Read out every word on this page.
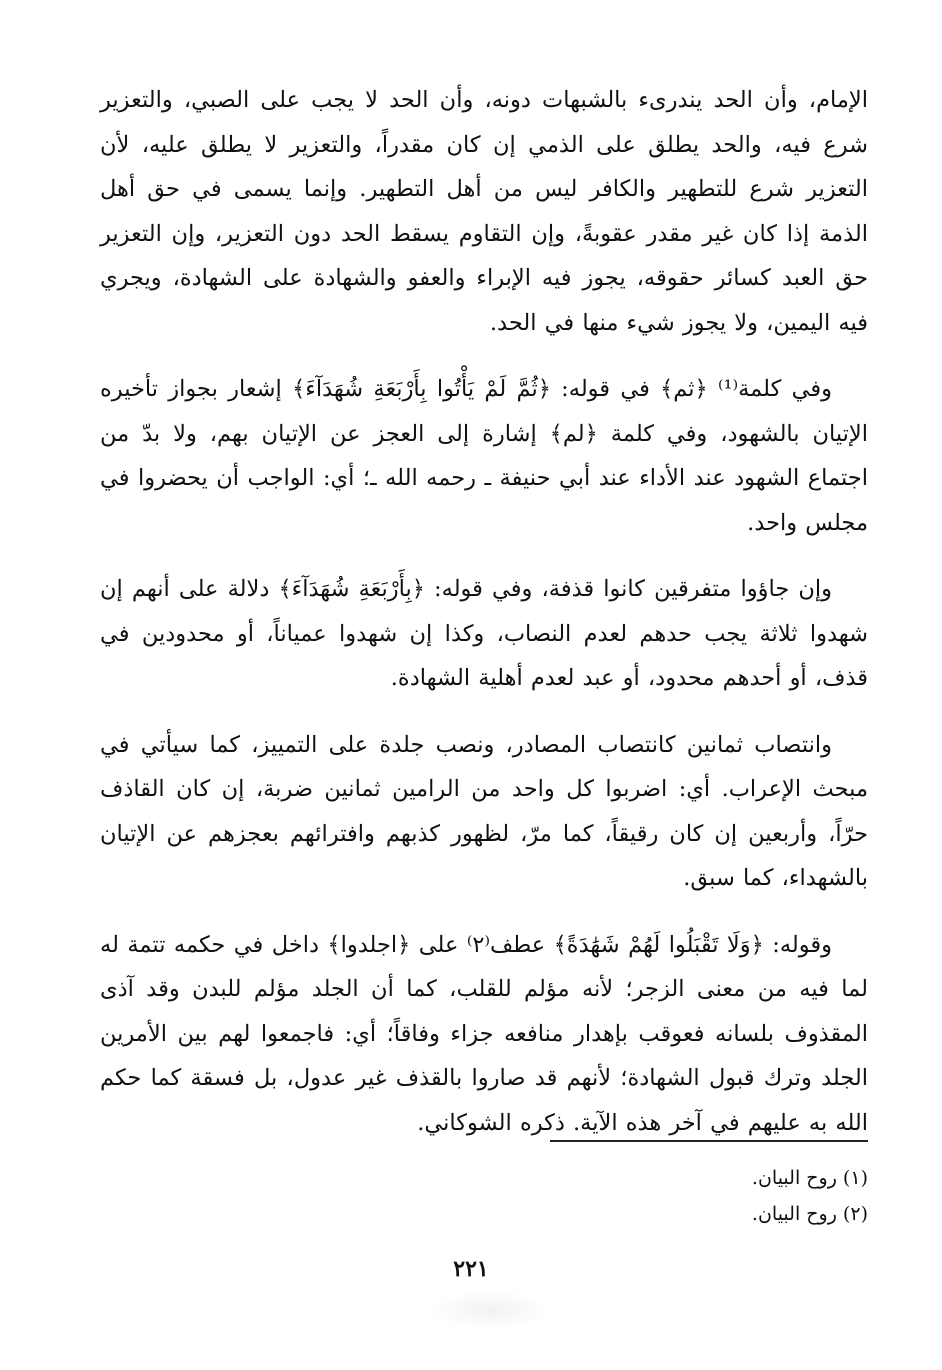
الإمام، وأن الحد يندرىء بالشبهات دونه، وأن الحد لا يجب على الصبي، والتعزير شرع فيه، والحد يطلق على الذمي إن كان مقدراً، والتعزير لا يطلق عليه، لأن التعزير شرع للتطهير والكافر ليس من أهل التطهير. وإنما يسمى في حق أهل الذمة إذا كان غير مقدر عقوبةً، وإن التقاوم يسقط الحد دون التعزير، وإن التعزير حق العبد كسائر حقوقه، يجوز فيه الإبراء والعفو والشهادة على الشهادة، ويجري فيه اليمين، ولا يجوز شيء منها في الحد.

وفي كلمة⁽¹⁾ ﴿ثم﴾ في قوله: ﴿ثُمَّ لَمْ يَأْتُوا بِأَرْبَعَةِ شُهَدَآءَ﴾ إشعار بجواز تأخيره الإتيان بالشهود، وفي كلمة ﴿لم﴾ إشارة إلى العجز عن الإتيان بهم، ولا بدّ من اجتماع الشهود عند الأداء عند أبي حنيفة ـ رحمه الله ـ؛ أي: الواجب أن يحضروا في مجلس واحد.

وإن جاؤوا متفرقين كانوا قذفة، وفي قوله: ﴿بِأَرْبَعَةِ شُهَدَآءَ﴾ دلالة على أنهم إن شهدوا ثلاثة يجب حدهم لعدم النصاب، وكذا إن شهدوا عمياناً، أو محدودين في قذف، أو أحدهم محدود، أو عبد لعدم أهلية الشهادة.

وانتصاب ثمانين كانتصاب المصادر، ونصب جلدة على التمييز، كما سيأتي في مبحث الإعراب. أي: اضربوا كل واحد من الرامين ثمانين ضربة، إن كان القاذف حرّاً، وأربعين إن كان رقيقاً، كما مرّ، لظهور كذبهم وافترائهم بعجزهم عن الإتيان بالشهداء، كما سبق.

وقوله: ﴿وَلَا تَقْبَلُوا لَهُمْ شَهَٰدَةً﴾ عطف⁽٢⁾ على ﴿اجلدوا﴾ داخل في حكمه تتمة له لما فيه من معنى الزجر؛ لأنه مؤلم للقلب، كما أن الجلد مؤلم للبدن وقد آذى المقذوف بلسانه فعوقب بإهدار منافعه جزاء وفاقاً؛ أي: فاجمعوا لهم بين الأمرين الجلد وترك قبول الشهادة؛ لأنهم قد صاروا بالقذف غير عدول، بل فسقة كما حكم الله به عليهم في آخر هذه الآية. ذكره الشوكاني.

(١) روح البيان.

(٢) روح البيان.

٢٢١
